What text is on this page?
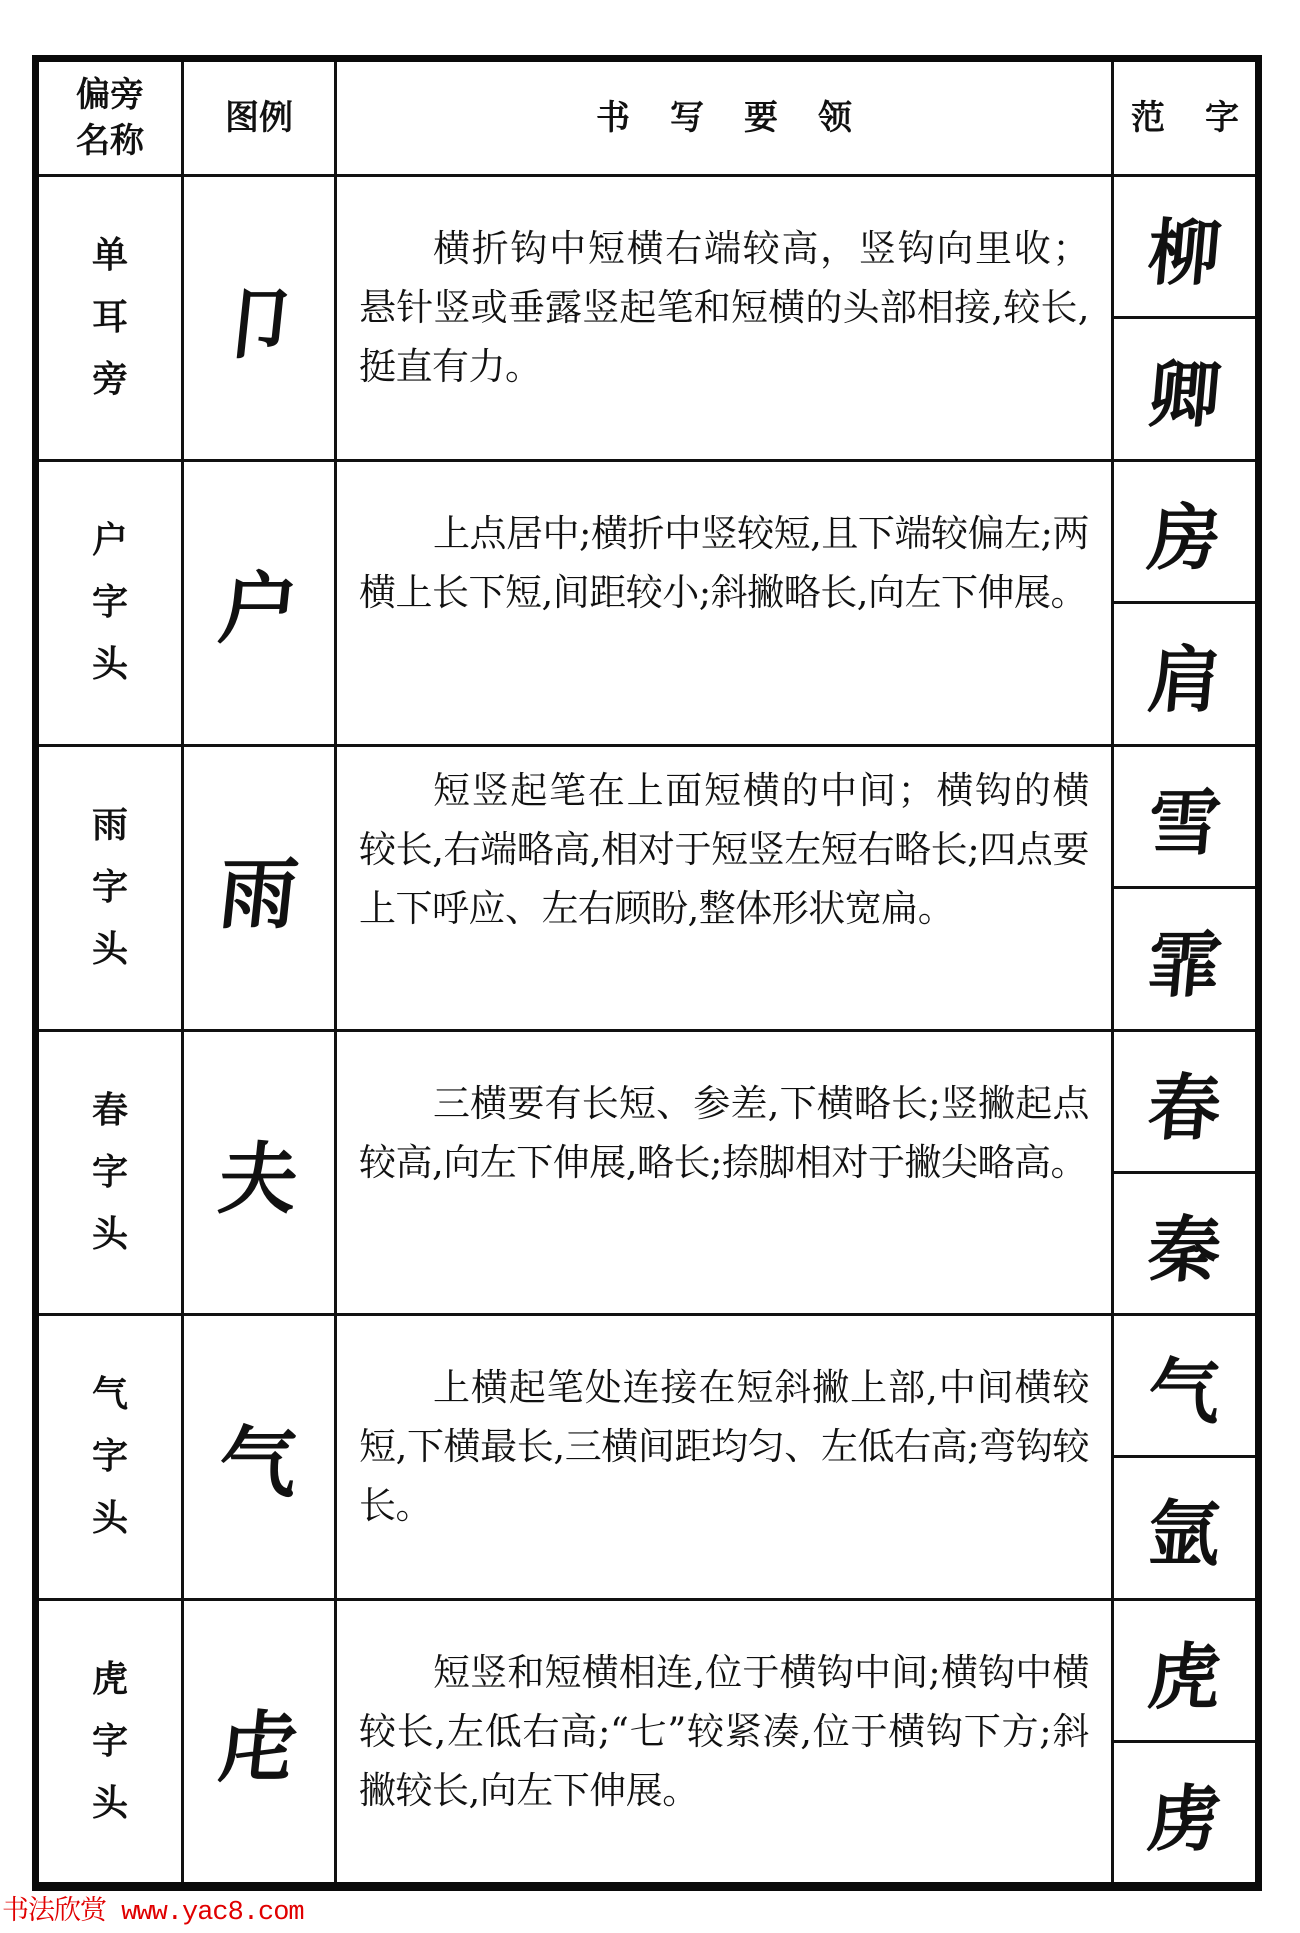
偏旁
名称
图例	书写要领	范字
单
耳
旁
卩

横折钩中短横右端较高，竖钩向里收；悬针竖或垂露竖起笔和短横的头部相接,较长,挺直有力。

柳
卿
户
字
头
户

上点居中;横折中竖较短,且下端较偏左;两横上长下短,间距较小;斜撇略长,向左下伸展。

房
肩
雨
字
头
雨

短竖起笔在上面短横的中间；横钩的横较长,右端略高,相对于短竖左短右略长;四点要上下呼应、左右顾盼,整体形状宽扁。

雪
霏
春
字
头
夫

三横要有长短、参差,下横略长;竖撇起点较高,向左下伸展,略长;捺脚相对于撇尖略高。

春
秦
气
字
头
气

上横起笔处连接在短斜撇上部,中间横较短,下横最长,三横间距均匀、左低右高;弯钩较长。

气
氩
虎
字
头
虍

短竖和短横相连,位于横钩中间;横钩中横较长,左低右高;“七”较紧凑,位于横钩下方;斜撇较长,向左下伸展。

虎
虏
书法欣赏 www.yac8.com
